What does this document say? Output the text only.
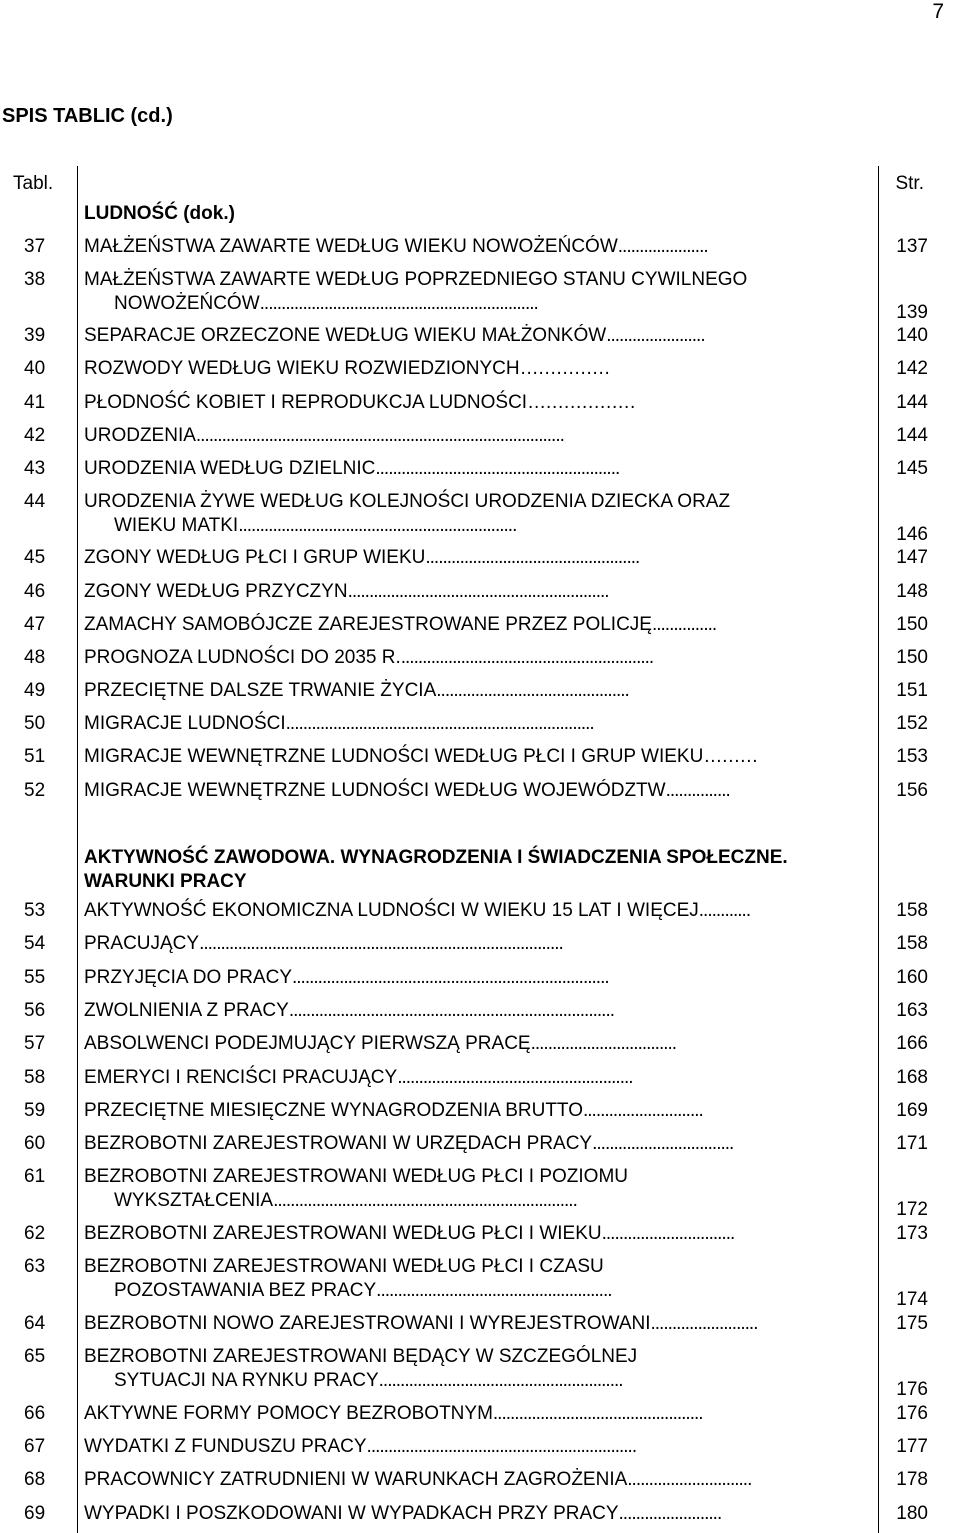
7
SPIS TABLIC (cd.)
Tabl.	Str.
LUDNOŚĆ (dok.)
AKTYWNOŚĆ ZAWODOWA. WYNAGRODZENIA I ŚWIADCZENIA SPOŁECZNE.
WARUNKI PRACY
37 MAŁŻEŃSTWA ZAWARTE WEDŁUG WIEKU NOWOŻEŃCÓW.....................	137
38 MAŁŻEŃSTWA ZAWARTE WEDŁUG POPRZEDNIEGO STANU CYWILNEGO
NOWOŻEŃCÓW.................................................................	139
39 SEPARACJE ORZECZONE WEDŁUG WIEKU MAŁŻONKÓW.......................	140
40 ROZWODY WEDŁUG WIEKU ROZWIEDZIONYCH……………	142
41 PŁODNOŚĆ KOBIET I REPRODUKCJA LUDNOŚCI………………	144
42 URODZENIA......................................................................................	144
43 URODZENIA WEDŁUG DZIELNIC.........................................................	145
44 URODZENIA ŻYWE WEDŁUG KOLEJNOŚCI URODZENIA DZIECKA ORAZ
WIEKU MATKI.................................................................	146
45 ZGONY WEDŁUG PŁCI I GRUP WIEKU..................................................	147
46 ZGONY WEDŁUG PRZYCZYN.............................................................	148
47 ZAMACHY SAMOBÓJCZE ZAREJESTROWANE PRZEZ POLICJĘ...............	150
48 PROGNOZA LUDNOŚCI DO 2035 R............................................................	150
49 PRZECIĘTNE DALSZE TRWANIE ŻYCIA.............................................	151
50 MIGRACJE LUDNOŚCI........................................................................	152
51 MIGRACJE WEWNĘTRZNE LUDNOŚCI WEDŁUG PŁCI I GRUP WIEKU………	153
52 MIGRACJE WEWNĘTRZNE LUDNOŚCI WEDŁUG WOJEWÓDZTW...............	156
53 AKTYWNOŚĆ EKONOMICZNA LUDNOŚCI W WIEKU 15 LAT I WIĘCEJ............	158
54 PRACUJĄCY.....................................................................................	158
55 PRZYJĘCIA DO PRACY..........................................................................	160
56 ZWOLNIENIA Z PRACY............................................................................	163
57 ABSOLWENCI PODEJMUJĄCY PIERWSZĄ PRACĘ..................................	166
58 EMERYCI I RENCIŚCI PRACUJĄCY.......................................................	168
59 PRZECIĘTNE MIESIĘCZNE WYNAGRODZENIA BRUTTO............................	169
60 BEZROBOTNI ZAREJESTROWANI W URZĘDACH PRACY.................................	171
61 BEZROBOTNI ZAREJESTROWANI WEDŁUG PŁCI I POZIOMU
WYKSZTAŁCENIA.......................................................................	172
62 BEZROBOTNI ZAREJESTROWANI WEDŁUG PŁCI I WIEKU...............................	173
63 BEZROBOTNI ZAREJESTROWANI WEDŁUG PŁCI I CZASU
POZOSTAWANIA BEZ PRACY.......................................................	174
64 BEZROBOTNI NOWO ZAREJESTROWANI I WYREJESTROWANI.........................	175
65 BEZROBOTNI ZAREJESTROWANI BĘDĄCY W SZCZEGÓLNEJ
SYTUACJI NA RYNKU PRACY.........................................................	176
66 AKTYWNE FORMY POMOCY BEZROBOTNYM.................................................	176
67 WYDATKI Z FUNDUSZU PRACY...............................................................	177
68 PRACOWNICY ZATRUDNIENI W WARUNKACH ZAGROŻENIA.............................	178
69 WYPADKI I POSZKODOWANI W WYPADKACH PRZY PRACY........................	180
